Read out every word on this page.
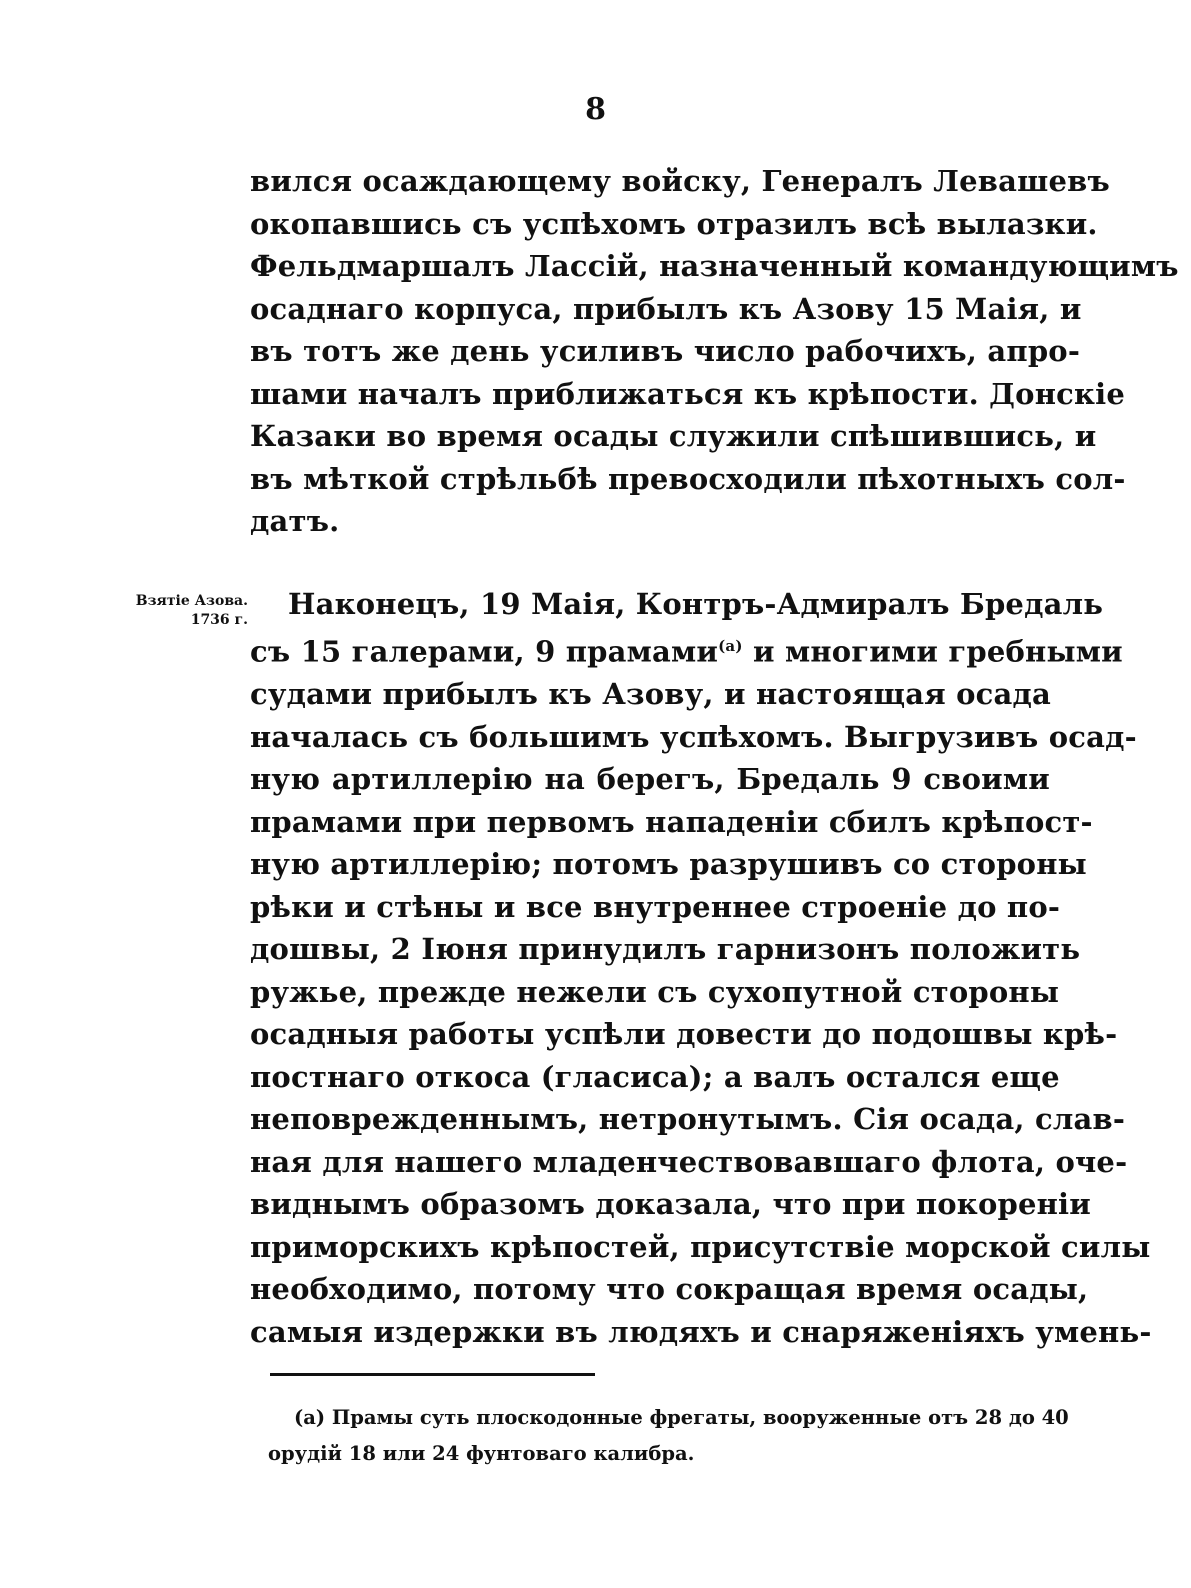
8
Взятіе Азова.
1736 г.
вился осаждающему войску, Генералъ Левашевъ
окопавшись съ успѣхомъ отразилъ всѣ вылазки.
Фельдмаршалъ Лассій, назначенный командующимъ
осаднаго корпуса, прибылъ къ Азову 15 Маія, и
въ тотъ же день усиливъ число рабочихъ, апро-
шами началъ приближаться къ крѣпости. Донскіе
Казаки во время осады служили спѣшившись, и
въ мѣткой стрѣльбѣ превосходили пѣхотныхъ сол-
датъ.
Наконецъ, 19 Маія, Контръ-Адмиралъ Бредаль
съ 15 галерами, 9 прамами$^{(а)}$ и многими гребными
судами прибылъ къ Азову, и настоящая осада
началась съ большимъ успѣхомъ. Выгрузивъ осад-
ную артиллерію на берегъ, Бредаль 9 своими
прамами при первомъ нападеніи сбилъ крѣпост-
ную артиллерію; потомъ разрушивъ со стороны
рѣки и стѣны и все внутреннее строеніе до по-
дошвы, 2 Іюня принудилъ гарнизонъ положить
ружье, прежде нежели съ сухопутной стороны
осадныя работы успѣли довести до подошвы крѣ-
постнаго откоса (гласиса); а валъ остался еще
неповрежденнымъ, нетронутымъ. Сія осада, слав-
ная для нашего младенчествовавшаго флота, оче-
виднымъ образомъ доказала, что при покореніи
приморскихъ крѣпостей, присутствіе морской силы
необходимо, потому что сокращая время осады,
самыя издержки въ людяхъ и снаряженіяхъ умень-
(а) Прамы суть плоскодонные фрегаты, вооруженные отъ 28 до 40
орудій 18 или 24 фунтоваго калибра.
